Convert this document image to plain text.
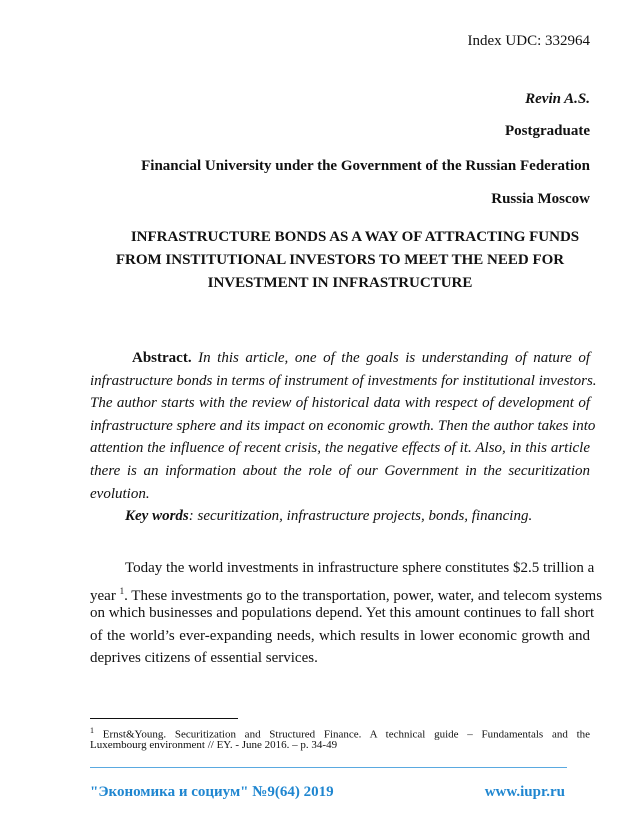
Index UDC: 332964
Revin A.S.
Postgraduate
Financial University under the Government of the Russian Federation
Russia Moscow
INFRASTRUCTURE BONDS AS A WAY OF ATTRACTING FUNDS
FROM INSTITUTIONAL INVESTORS TO MEET THE NEED FOR
INVESTMENT IN INFRASTRUCTURE
Abstract. In this article, one of the goals is understanding of nature of
infrastructure bonds in terms of instrument of investments for institutional investors.
The author starts with the review of historical data with respect of development of
infrastructure sphere and its impact on economic growth. Then the author takes into
attention the influence of recent crisis, the negative effects of it. Also, in this article
there is an information about the role of our Government in the securitization
evolution.
Key words: securitization, infrastructure projects, bonds, financing.
Today the world investments in infrastructure sphere constitutes $2.5 trillion a
year $^1$. These investments go to the transportation, power, water, and telecom systems
on which businesses and populations depend. Yet this amount continues to fall short
of the world’s ever-expanding needs, which results in lower economic growth and
deprives citizens of essential services.
$^1$ Ernst&Young. Securitization and Structured Finance. A technical guide – Fundamentals and the
Luxembourg environment // EY. - June 2016. – p. 34-49
"Экономика и социум" №9(64) 2019	www.iupr.ru
